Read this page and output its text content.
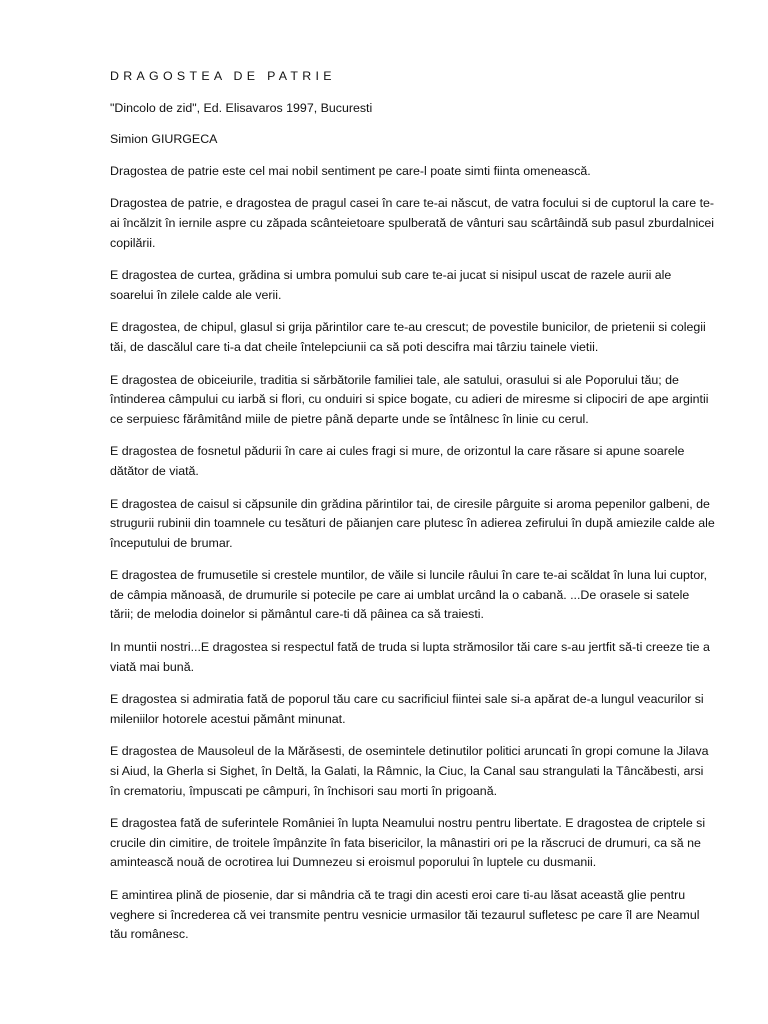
DRAGOSTEA DE PATRIE

"Dincolo de zid", Ed. Elisavaros 1997, Bucuresti

Simion GIURGECA

Dragostea de patrie este cel mai nobil sentiment pe care-l poate simti fiinta omenească.

Dragostea de patrie, e dragostea de pragul casei în care te-ai născut, de vatra focului si de cuptorul la care te-ai încălzit în iernile aspre cu zăpada scânteietoare spulberată de vânturi sau scârtâindă sub pasul zburdalnicei copilării.

E dragostea de curtea, grădina si umbra pomului sub care te-ai jucat si nisipul uscat de razele aurii ale soarelui în zilele calde ale verii.

E dragostea, de chipul, glasul si grija părintilor care te-au crescut; de povestile bunicilor, de prietenii si colegii tăi, de dascălul care ti-a dat cheile întelepciunii ca să poti descifra mai târziu tainele vietii.

E dragostea de obiceiurile, traditia si sărbătorile familiei tale, ale satului, orasului si ale Poporului tău; de întinderea câmpului cu iarbă si flori, cu onduiri si spice bogate, cu adieri de miresme si clipociri de ape argintii ce serpuiesc fărâmitând miile de pietre până departe unde se întâlnesc în linie cu cerul.

E dragostea de fosnetul pădurii în care ai cules fragi si mure, de orizontul la care răsare si apune soarele dătător de viată.

E dragostea de caisul si căpsunile din grădina părintilor tai, de ciresile pârguite si aroma pepenilor galbeni, de strugurii rubinii din toamnele cu tesături de păianjen care plutesc în adierea zefirului în după amiezile calde ale începutului de brumar.

E dragostea de frumusetile si crestele muntilor, de văile si luncile râului în care te-ai scăldat în luna lui cuptor, de câmpia mănoasă, de drumurile si potecile pe care ai umblat urcând la o cabană. ...De orasele si satele tării; de melodia doinelor si pământul care-ti dă pâinea ca să traiesti.

In muntii nostri...E dragostea si respectul fată de truda si lupta strămosilor tăi care s-au jertfit să-ti creeze tie a viată mai bună.

E dragostea si admiratia fată de poporul tău care cu sacrificiul fiintei sale si-a apărat de-a lungul veacurilor si mileniilor hotorele acestui pământ minunat.

E dragostea de Mausoleul de la Mărăsesti, de osemintele detinutilor politici aruncati în gropi comune la Jilava si Aiud, la Gherla si Sighet, în Deltă, la Galati, la Râmnic, la Ciuc, la Canal sau strangulati la Tâncăbesti, arsi în crematoriu, împuscati pe câmpuri, în închisori sau morti în prigoană.

E dragostea fată de suferintele României în lupta Neamului nostru pentru libertate. E dragostea de criptele si crucile din cimitire, de troitele împânzite în fata bisericilor, la mânastiri ori pe la răscruci de drumuri, ca să ne amintească nouă de ocrotirea lui Dumnezeu si eroismul poporului în luptele cu dusmanii.

E amintirea plină de piosenie, dar si mândria că te tragi din acesti eroi care ti-au lăsat această glie pentru veghere si încrederea că vei transmite pentru vesnicie urmasilor tăi tezaurul sufletesc pe care îl are Neamul tău românesc.
